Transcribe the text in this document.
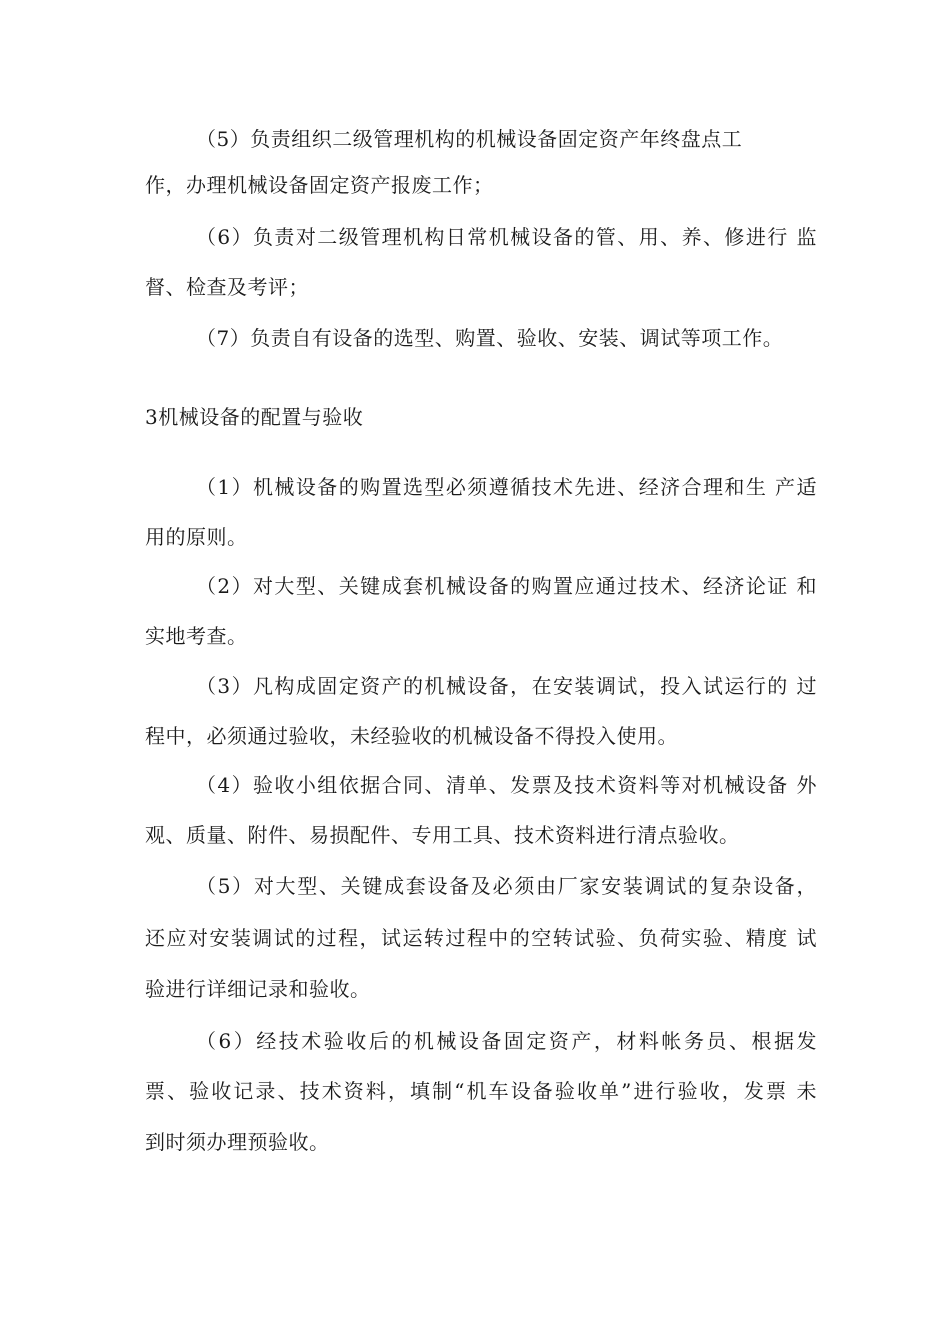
（5）负责组织二级管理机构的机械设备固定资产年终盘点工
作，办理机械设备固定资产报废工作；
（6）负责对二级管理机构日常机械设备的管、用、养、修进行 监
督、检查及考评；
（7）负责自有设备的选型、购置、验收、安装、调试等项工作。
3机械设备的配置与验收
（1）机械设备的购置选型必须遵循技术先进、经济合理和生 产适
用的原则。
（2）对大型、关键成套机械设备的购置应通过技术、经济论证 和
实地考查。
（3）凡构成固定资产的机械设备，在安装调试，投入试运行的 过
程中，必须通过验收，未经验收的机械设备不得投入使用。
（4）验收小组依据合同、清单、发票及技术资料等对机械设备 外
观、质量、附件、易损配件、专用工具、技术资料进行清点验收。
（5）对大型、关键成套设备及必须由厂家安装调试的复杂设备，
还应对安装调试的过程，试运转过程中的空转试验、负荷实验、精度 试
验进行详细记录和验收。
（6）经技术验收后的机械设备固定资产，材料帐务员、根据发
票、验收记录、技术资料，填制“机车设备验收单”进行验收，发票 未
到时须办理预验收。
